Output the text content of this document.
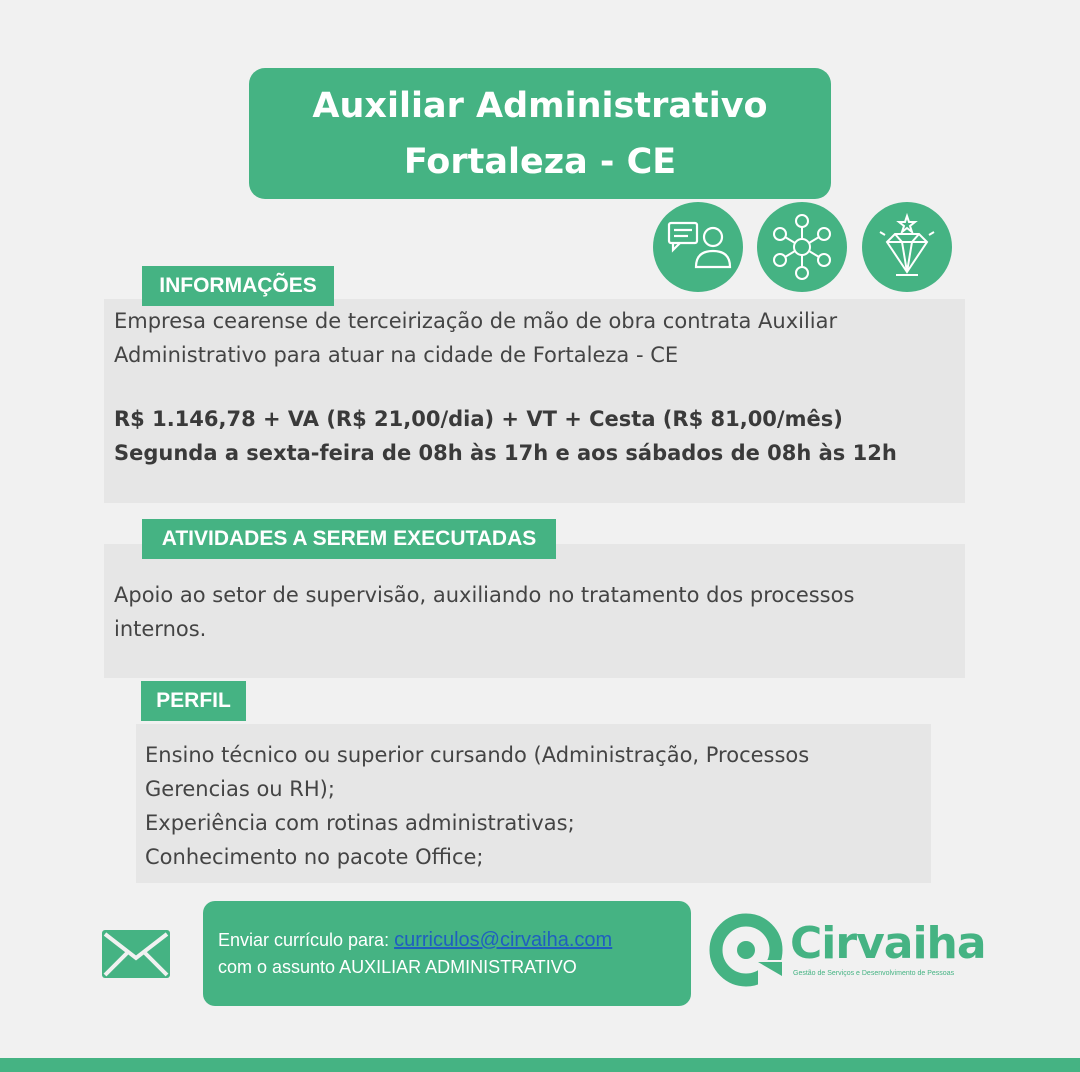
Auxiliar Administrativo
Fortaleza - CE
INFORMAÇÕES
Empresa cearense de terceirização de mão de obra contrata Auxiliar
Administrativo para atuar na cidade de Fortaleza - CE
R$ 1.146,78 + VA (R$ 21,00/dia) + VT + Cesta (R$ 81,00/mês)
Segunda a sexta-feira de 08h às 17h e aos sábados de 08h às 12h
ATIVIDADES A SEREM EXECUTADAS
Apoio ao setor de supervisão, auxiliando no tratamento dos processos
internos.
PERFIL
Ensino técnico ou superior cursando (Administração, Processos
Gerencias ou RH);
Experiência com rotinas administrativas;
Conhecimento no pacote Office;
Enviar currículo para: curriculos@cirvaiha.com
com o assunto AUXILIAR ADMINISTRATIVO	Cirvaiha
Gestão de Serviços e Desenvolvimento de Pessoas
